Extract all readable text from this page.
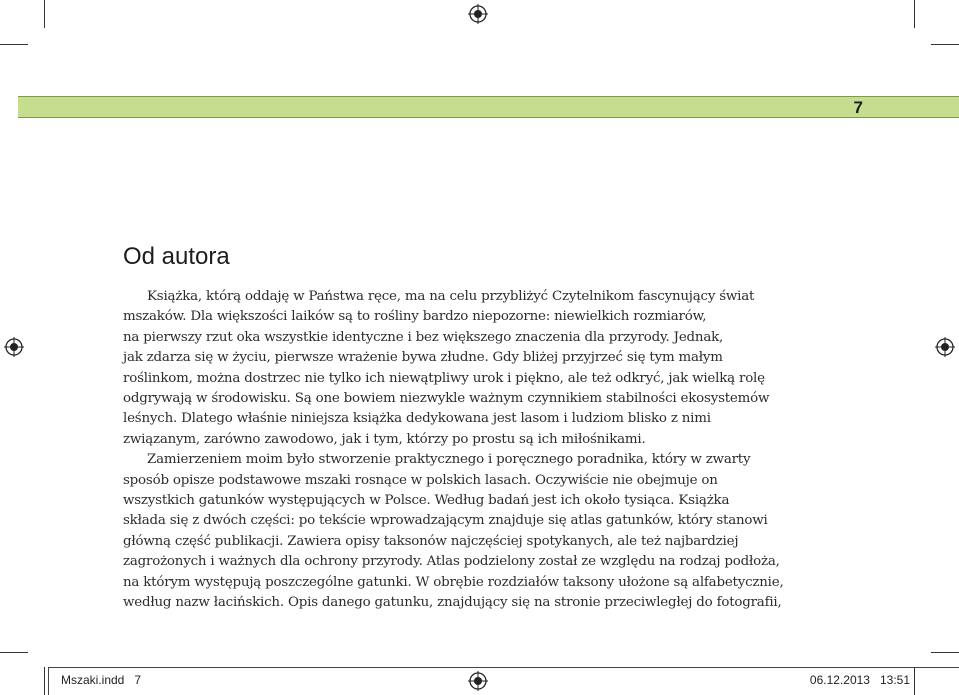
7
Od autora
Książka, którą oddaję w Państwa ręce, ma na celu przybliżyć Czytelnikom fascynujący świat
mszaków. Dla większości laików są to rośliny bardzo niepozorne: niewielkich rozmiarów,
na pierwszy rzut oka wszystkie identyczne i bez większego znaczenia dla przyrody. Jednak,
jak zdarza się w życiu, pierwsze wrażenie bywa złudne. Gdy bliżej przyjrzeć się tym małym
roślinkom, można dostrzec nie tylko ich niewątpliwy urok i piękno, ale też odkryć, jak wielką rolę
odgrywają w środowisku. Są one bowiem niezwykle ważnym czynnikiem stabilności ekosystemów
leśnych. Dlatego właśnie niniejsza książka dedykowana jest lasom i ludziom blisko z nimi
związanym, zarówno zawodowo, jak i tym, którzy po prostu są ich miłośnikami.
Zamierzeniem moim było stworzenie praktycznego i poręcznego poradnika, który w zwarty
sposób opisze podstawowe mszaki rosnące w polskich lasach. Oczywiście nie obejmuje on
wszystkich gatunków występujących w Polsce. Według badań jest ich około tysiąca. Książka
składa się z dwóch części: po tekście wprowadzającym znajduje się atlas gatunków, który stanowi
główną część publikacji. Zawiera opisy taksonów najczęściej spotykanych, ale też najbardziej
zagrożonych i ważnych dla ochrony przyrody. Atlas podzielony został ze względu na rodzaj podłoża,
na którym występują poszczególne gatunki. W obrębie rozdziałów taksony ułożone są alfabetycznie,
według nazw łacińskich. Opis danego gatunku, znajdujący się na stronie przeciwległej do fotografii,
Mszaki.indd   7	06.12.2013   13:51
